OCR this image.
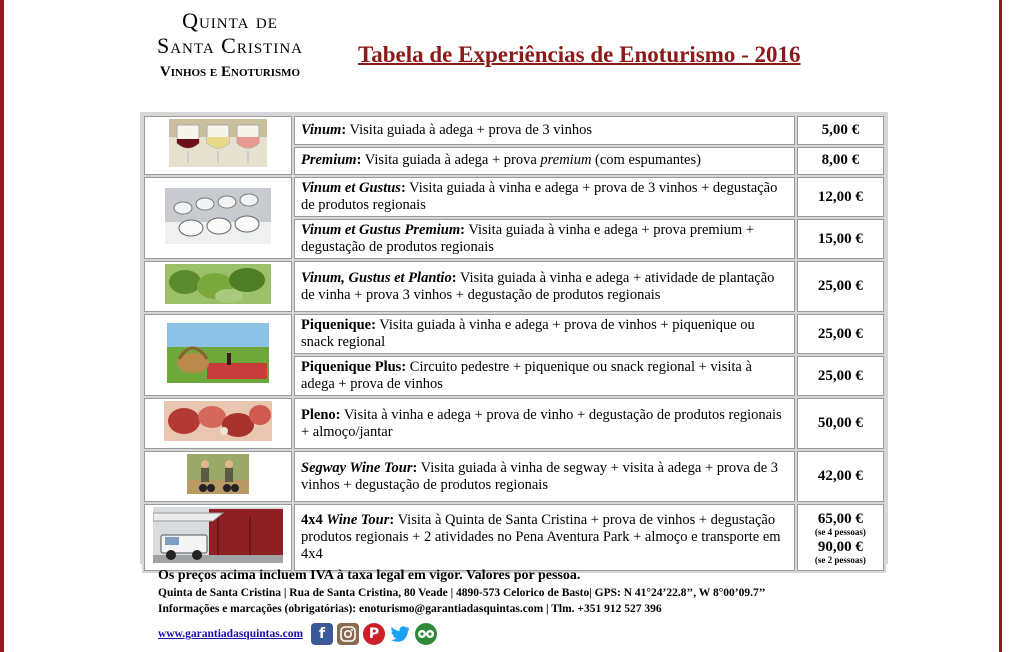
Quinta de
Santa Cristina
Vinhos e Enoturismo
Tabela de Experiências de Enoturismo - 2016
	Vinum: Visita guiada à adega + prova de 3 vinhos	5,00 €
	Premium: Visita guiada à adega + prova premium (com espumantes)	8,00 €
	Vinum et Gustus: Visita guiada à vinha e adega + prova de 3 vinhos + degustação de produtos regionais	12,00 €
	Vinum et Gustus Premium: Visita guiada à vinha e adega + prova premium + degustação de produtos regionais	15,00 €
	Vinum, Gustus et Plantio: Visita guiada à vinha e adega + atividade de plantação de vinha + prova 3 vinhos + degustação de produtos regionais	25,00 €
	Piquenique: Visita guiada à vinha e adega + prova de vinhos + piquenique ou snack regional	25,00 €
	Piquenique Plus: Circuito pedestre + piquenique ou snack regional + visita à adega + prova de vinhos	25,00 €
	Pleno: Visita à vinha e adega + prova de vinho + degustação de produtos regionais + almoço/jantar	50,00 €
	Segway Wine Tour: Visita guiada à vinha de segway + visita à adega + prova de 3 vinhos + degustação de produtos regionais	42,00 €
	4x4 Wine Tour: Visita à Quinta de Santa Cristina + prova de vinhos + degustação produtos regionais + 2 atividades no Pena Aventura Park + almoço e transporte em 4x4	65,00 €
(se 4 pessoas)
90,00 €
(se 2 pessoas)
Os preços acima incluem IVA à taxa legal em vigor. Valores por pessoa.
Quinta de Santa Cristina | Rua de Santa Cristina, 80 Veade | 4890-573 Celorico de Basto| GPS: N 41°24’22.8’’, W 8°00’09.7’’
Informações e marcações (obrigatórias): enoturismo@garantiadasquintas.com | Tlm. +351 912 527 396
www.garantiadasquintas.com	f	P
